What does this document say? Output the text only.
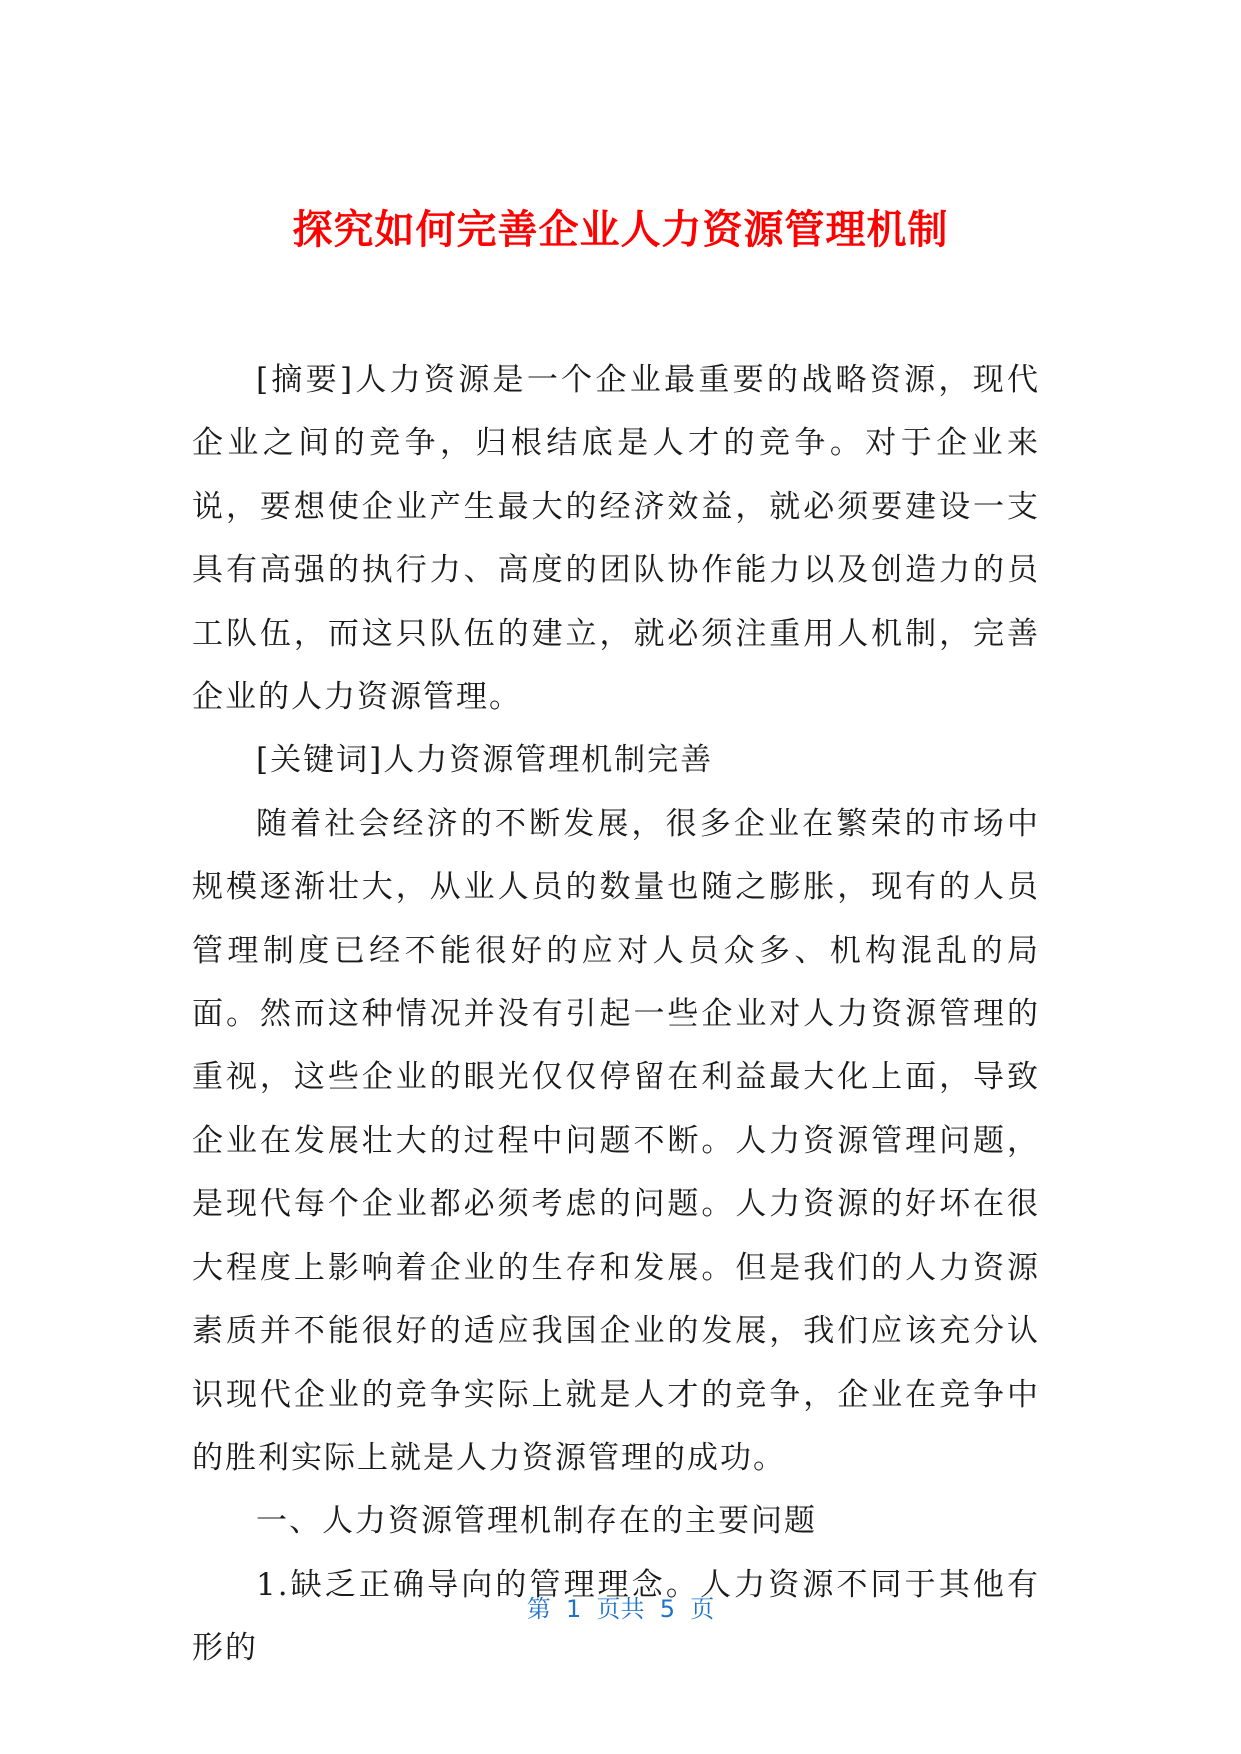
探究如何完善企业人力资源管理机制

[摘要]人力资源是一个企业最重要的战略资源，现代企业之间的竞争，归根结底是人才的竞争。对于企业来说，要想使企业产生最大的经济效益，就必须要建设一支具有高强的执行力、高度的团队协作能力以及创造力的员工队伍，而这只队伍的建立，就必须注重用人机制，完善企业的人力资源管理。

[关键词]人力资源管理机制完善

随着社会经济的不断发展，很多企业在繁荣的市场中规模逐渐壮大，从业人员的数量也随之膨胀，现有的人员管理制度已经不能很好的应对人员众多、机构混乱的局面。然而这种情况并没有引起一些企业对人力资源管理的重视，这些企业的眼光仅仅停留在利益最大化上面，导致企业在发展壮大的过程中问题不断。人力资源管理问题，是现代每个企业都必须考虑的问题。人力资源的好坏在很大程度上影响着企业的生存和发展。但是我们的人力资源素质并不能很好的适应我国企业的发展，我们应该充分认识现代企业的竞争实际上就是人才的竞争，企业在竞争中的胜利实际上就是人力资源管理的成功。

一、人力资源管理机制存在的主要问题

1.缺乏正确导向的管理理念。人力资源不同于其他有形的

第  1  页共  5  页
